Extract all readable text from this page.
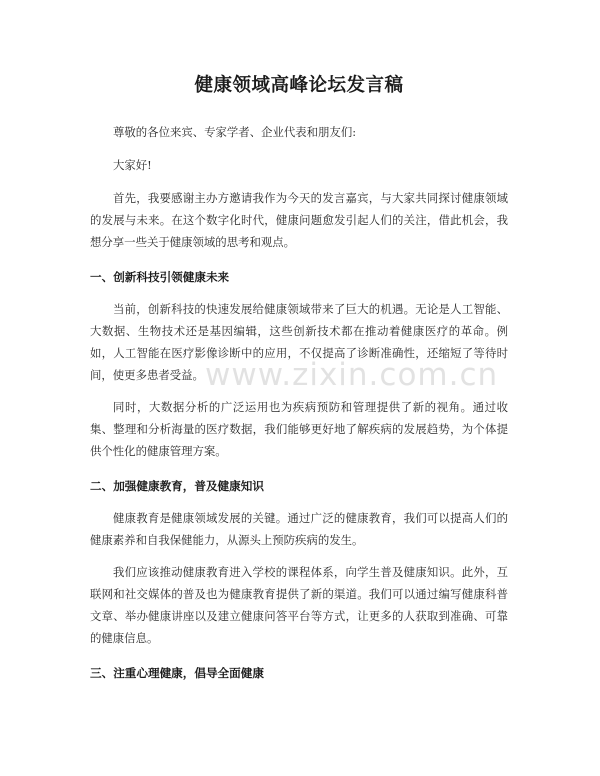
健康领域高峰论坛发言稿

尊敬的各位来宾、专家学者、企业代表和朋友们:

大家好!

首先，我要感谢主办方邀请我作为今天的发言嘉宾，与大家共同探讨健康领域的发展与未来。在这个数字化时代，健康问题愈发引起人们的关注，借此机会，我想分享一些关于健康领域的思考和观点。

一、创新科技引领健康未来

当前，创新科技的快速发展给健康领域带来了巨大的机遇。无论是人工智能、大数据、生物技术还是基因编辑，这些创新技术都在推动着健康医疗的革命。例如，人工智能在医疗影像诊断中的应用，不仅提高了诊断准确性，还缩短了等待时间，使更多患者受益。

同时，大数据分析的广泛运用也为疾病预防和管理提供了新的视角。通过收集、整理和分析海量的医疗数据，我们能够更好地了解疾病的发展趋势，为个体提供个性化的健康管理方案。

二、加强健康教育，普及健康知识

健康教育是健康领域发展的关键。通过广泛的健康教育，我们可以提高人们的健康素养和自我保健能力，从源头上预防疾病的发生。

我们应该推动健康教育进入学校的课程体系，向学生普及健康知识。此外，互联网和社交媒体的普及也为健康教育提供了新的渠道。我们可以通过编写健康科普文章、举办健康讲座以及建立健康问答平台等方式，让更多的人获取到准确、可靠的健康信息。

三、注重心理健康，倡导全面健康
www.zixin.com.cn
